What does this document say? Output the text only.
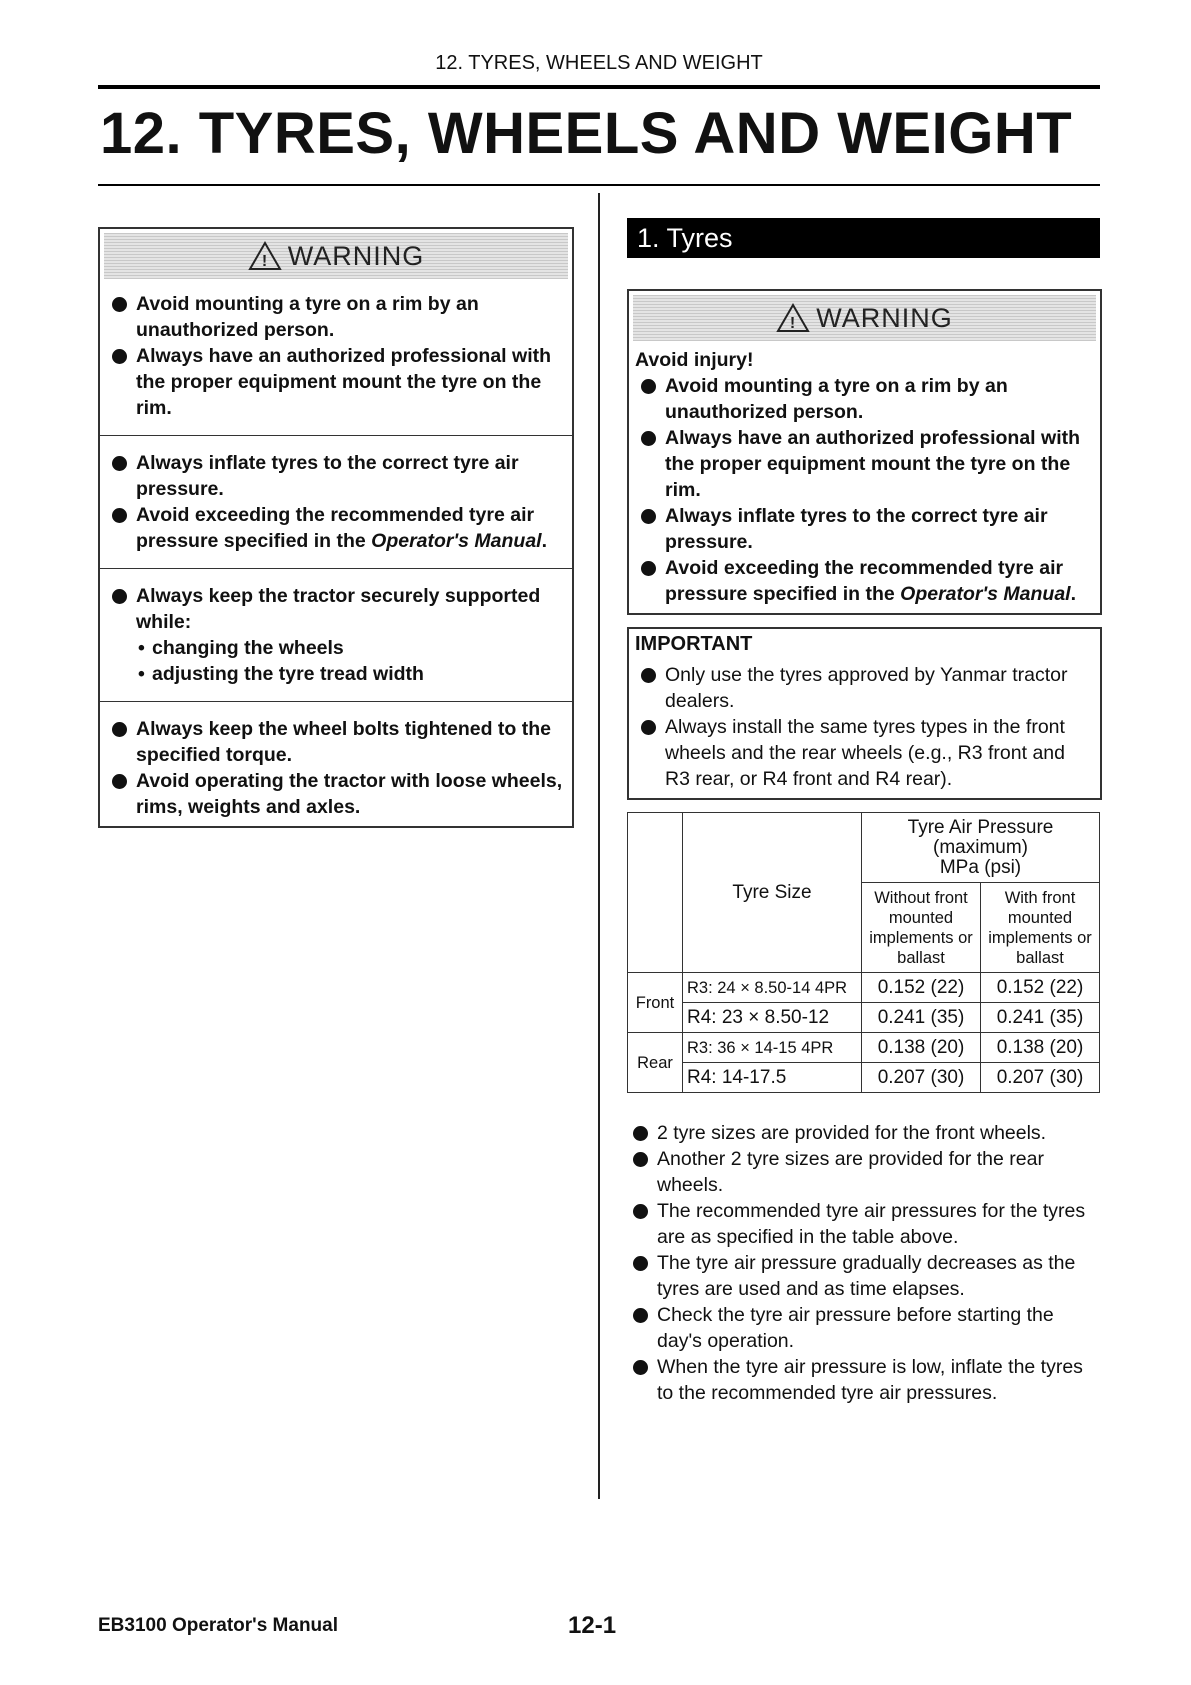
12. TYRES, WHEELS AND WEIGHT
12. TYRES, WHEELS AND WEIGHT
! WARNING
Avoid mounting a tyre on a rim by an unauthorized person.
Always have an authorized professional with the proper equipment mount the tyre on the rim.
Always inflate tyres to the correct tyre air pressure.
Avoid exceeding the recommended tyre air pressure specified in the Operator's Manual.
Always keep the tractor securely supported while:
• changing the wheels
• adjusting the tyre tread width
Always keep the wheel bolts tightened to the specified torque.
Avoid operating the tractor with loose wheels, rims, weights and axles.
1. Tyres
! WARNING
Avoid injury!
Avoid mounting a tyre on a rim by an unauthorized person.
Always have an authorized professional with the proper equipment mount the tyre on the rim.
Always inflate tyres to the correct tyre air pressure.
Avoid exceeding the recommended tyre air pressure specified in the Operator's Manual.
IMPORTANT
Only use the tyres approved by Yanmar tractor dealers.
Always install the same tyres types in the front wheels and the rear wheels (e.g., R3 front and R3 rear, or R4 front and R4 rear).
	Tyre Size	Tyre Air Pressure
(maximum)
MPa (psi)	

		Without front mounted implements or ballast	With front mounted implements or ballast
Front	R3: 24 × 8.50-14 4PR	0.152 (22)	0.152 (22)
	R4: 23 × 8.50-12	0.241 (35)	0.241 (35)
Rear	R3: 36 × 14-15 4PR	0.138 (20)	0.138 (20)
	R4: 14-17.5	0.207 (30)	0.207 (30)
2 tyre sizes are provided for the front wheels.
Another 2 tyre sizes are provided for the rear wheels.
The recommended tyre air pressures for the tyres are as specified in the table above.
The tyre air pressure gradually decreases as the tyres are used and as time elapses.
Check the tyre air pressure before starting the day's operation.
When the tyre air pressure is low, inflate the tyres to the recommended tyre air pressures.
EB3100 Operator's Manual	12-1
